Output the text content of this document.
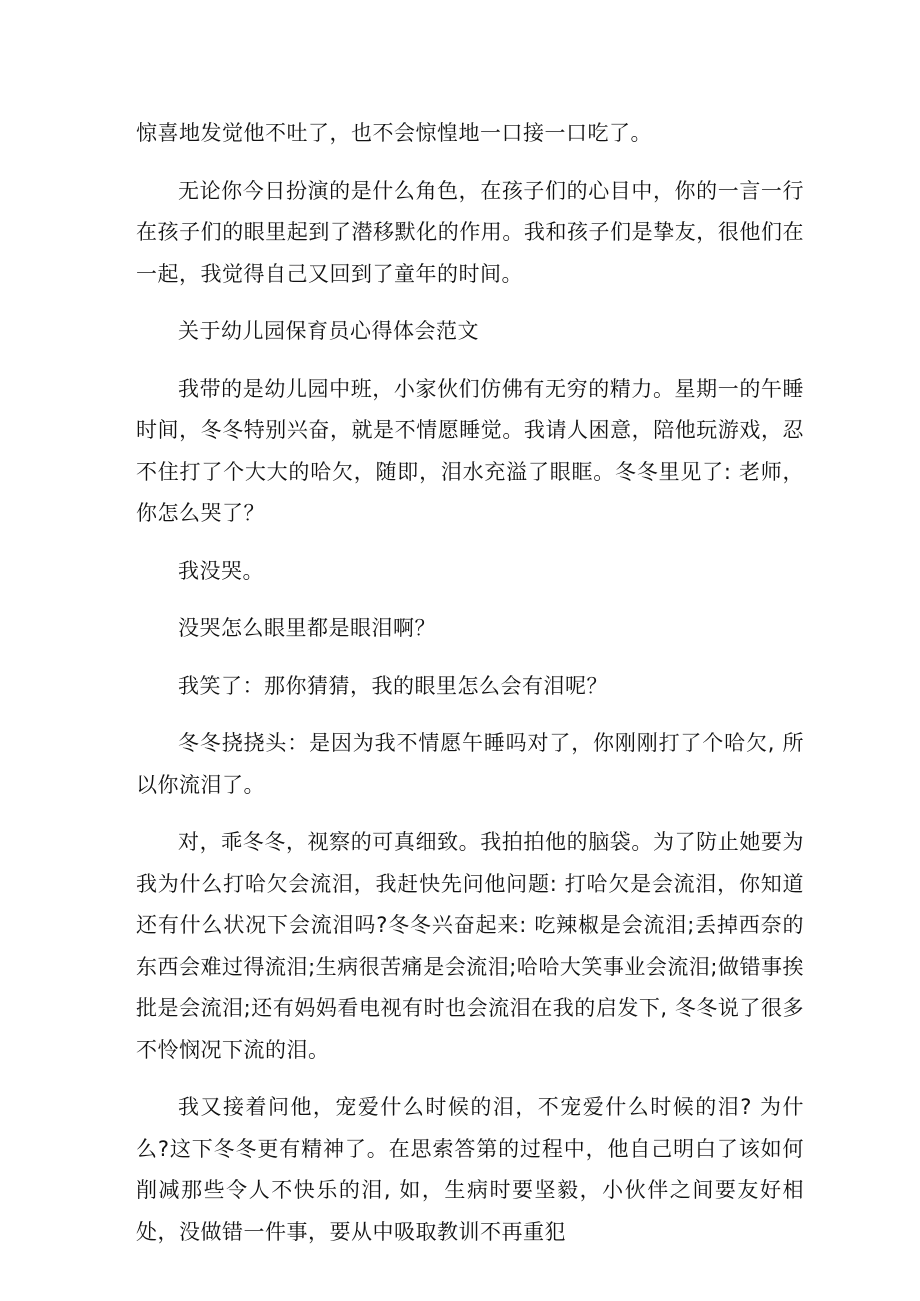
惊喜地发觉他不吐了，也不会惊惶地一口接一口吃了。

无论你今日扮演的是什么角色，在孩子们的心目中，你的一言一行在孩子们的眼里起到了潜移默化的作用。我和孩子们是挚友，很他们在一起，我觉得自己又回到了童年的时间。

关于幼儿园保育员心得体会范文

我带的是幼儿园中班，小家伙们仿佛有无穷的精力。星期一的午睡时间，冬冬特别兴奋，就是不情愿睡觉。我请人困意，陪他玩游戏，忍不住打了个大大的哈欠，随即，泪水充溢了眼眶。冬冬里见了: 老师，你怎么哭了？

我没哭。

没哭怎么眼里都是眼泪啊？

我笑了：那你猜猜，我的眼里怎么会有泪呢？

冬冬挠挠头：是因为我不情愿午睡吗对了，你刚刚打了个哈欠, 所以你流泪了。

对，乖冬冬，视察的可真细致。我拍拍他的脑袋。为了防止她要为我为什么打哈欠会流泪，我赶快先问他问题: 打哈欠是会流泪，你知道还有什么状况下会流泪吗?冬冬兴奋起来: 吃辣椒是会流泪;丢掉西奈的东西会难过得流泪;生病很苦痛是会流泪;哈哈大笑事业会流泪;做错事挨批是会流泪;还有妈妈看电视有时也会流泪在我的启发下, 冬冬说了很多不怜悯况下流的泪。

我又接着问他，宠爱什么时候的泪，不宠爱什么时候的泪? 为什么?这下冬冬更有精神了。在思索答第的过程中，他自己明白了该如何削减那些令人不快乐的泪, 如，生病时要坚毅，小伙伴之间要友好相处，没做错一件事，要从中吸取教训不再重犯
